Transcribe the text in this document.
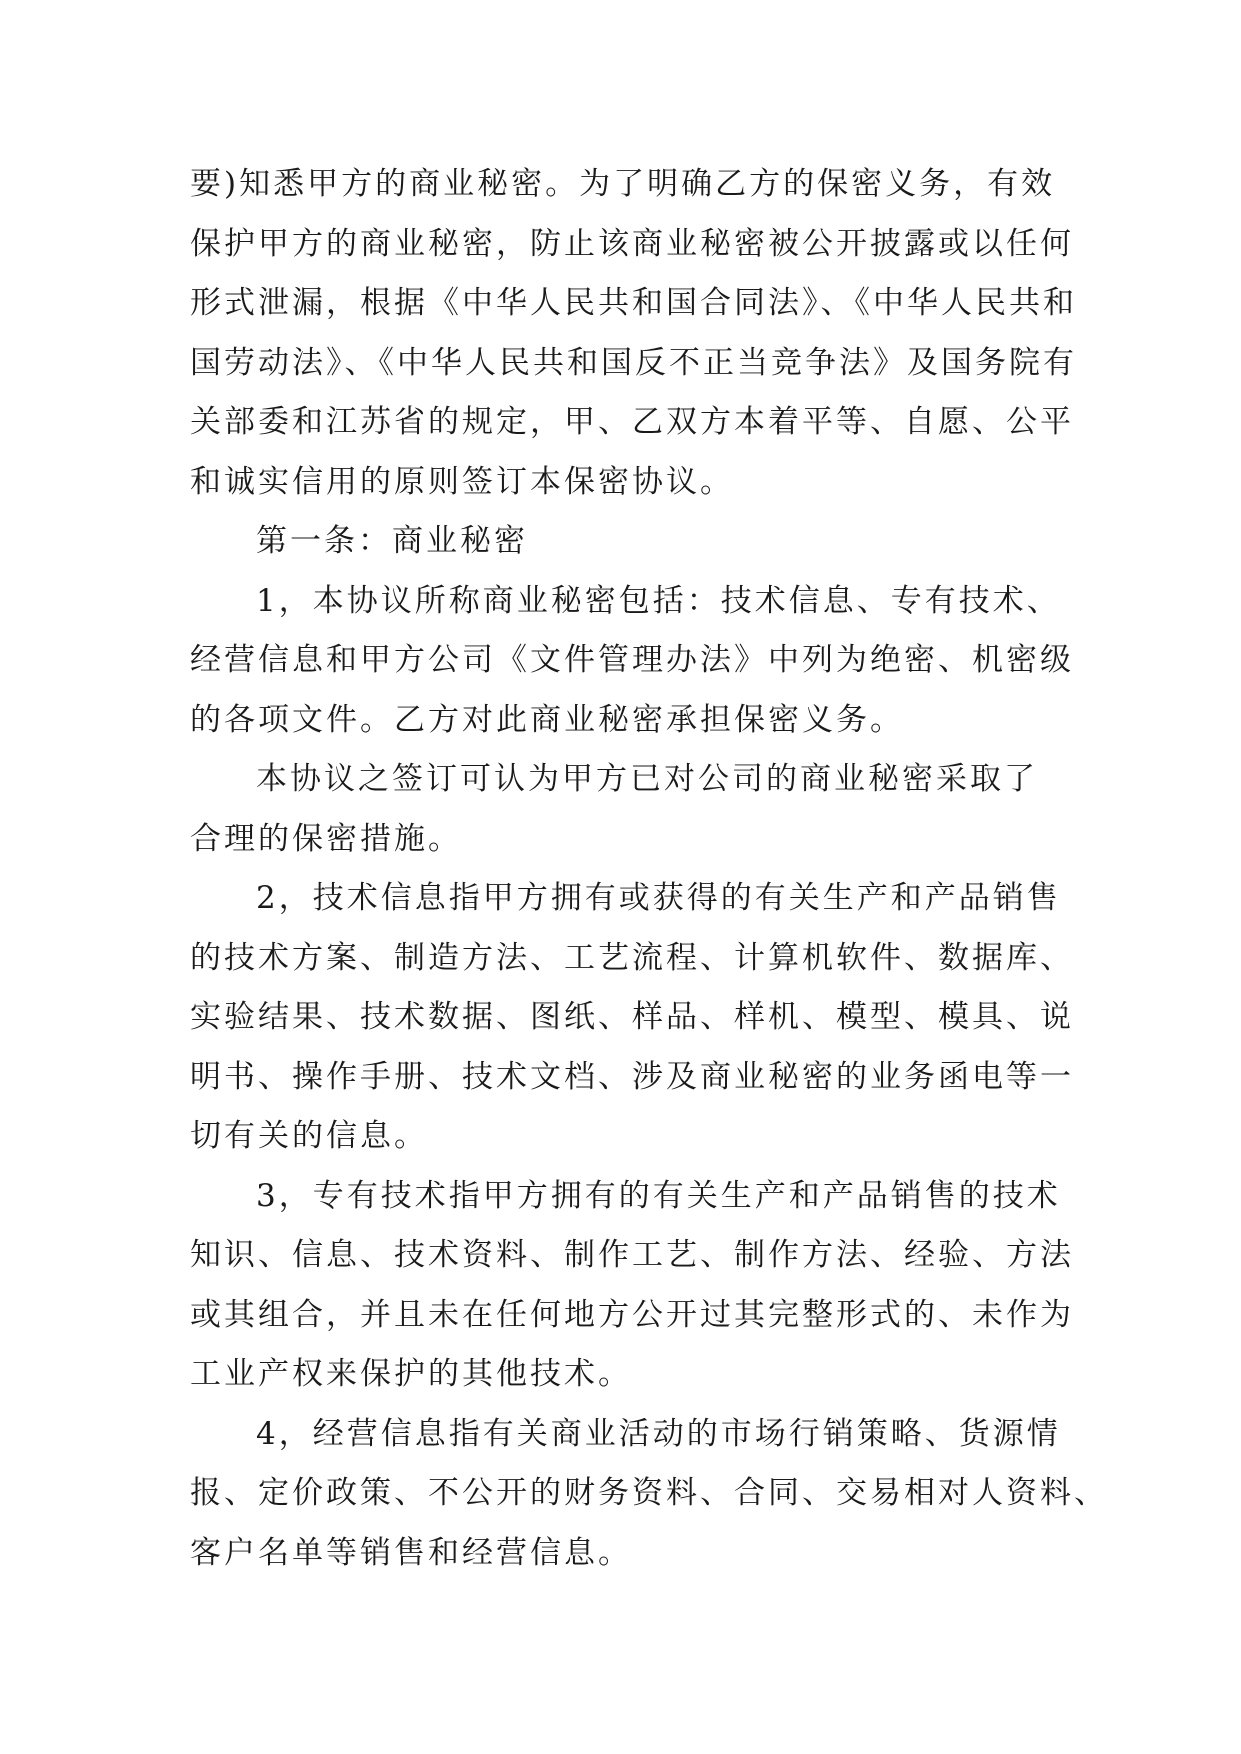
要)知悉甲方的商业秘密。为了明确乙方的保密义务，有效
保护甲方的商业秘密，防止该商业秘密被公开披露或以任何
形式泄漏，根据《中华人民共和国合同法》、《中华人民共和
国劳动法》、《中华人民共和国反不正当竞争法》及国务院有
关部委和江苏省的规定，甲、乙双方本着平等、自愿、公平
和诚实信用的原则签订本保密协议。
第一条：商业秘密
1，本协议所称商业秘密包括：技术信息、专有技术、
经营信息和甲方公司《文件管理办法》中列为绝密、机密级
的各项文件。乙方对此商业秘密承担保密义务。
本协议之签订可认为甲方已对公司的商业秘密采取了
合理的保密措施。
2，技术信息指甲方拥有或获得的有关生产和产品销售
的技术方案、制造方法、工艺流程、计算机软件、数据库、
实验结果、技术数据、图纸、样品、样机、模型、模具、说
明书、操作手册、技术文档、涉及商业秘密的业务函电等一
切有关的信息。
3，专有技术指甲方拥有的有关生产和产品销售的技术
知识、信息、技术资料、制作工艺、制作方法、经验、方法
或其组合，并且未在任何地方公开过其完整形式的、未作为
工业产权来保护的其他技术。
4，经营信息指有关商业活动的市场行销策略、货源情
报、定价政策、不公开的财务资料、合同、交易相对人资料、
客户名单等销售和经营信息。
